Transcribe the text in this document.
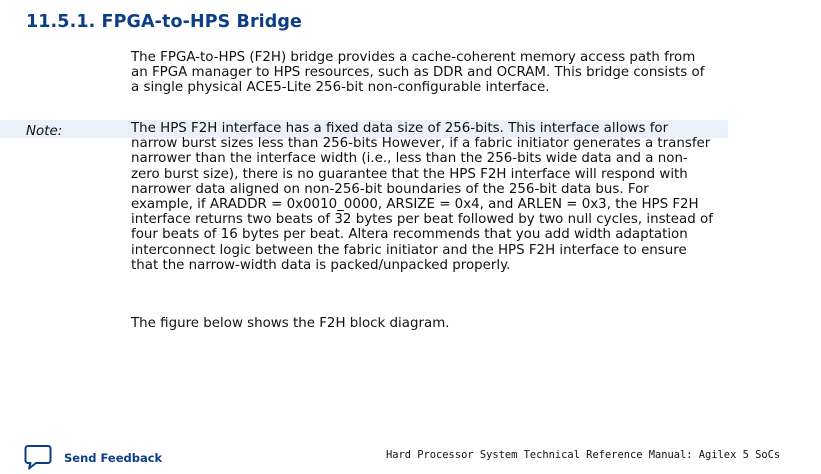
11.5.1. FPGA-to-HPS Bridge
The FPGA-to-HPS (F2H) bridge provides a cache-coherent memory access path from
an FPGA manager to HPS resources, such as DDR and OCRAM. This bridge consists of
a single physical ACE5-Lite 256-bit non-configurable interface.
Note:	The HPS F2H interface has a fixed data size of 256-bits. This interface allows for
narrow burst sizes less than 256-bits However, if a fabric initiator generates a transfer
narrower than the interface width (i.e., less than the 256-bits wide data and a non-
zero burst size), there is no guarantee that the HPS F2H interface will respond with
narrower data aligned on non-256-bit boundaries of the 256-bit data bus. For
example, if ARADDR = 0x0010_0000, ARSIZE = 0x4, and ARLEN = 0x3, the HPS F2H
interface returns two beats of 32 bytes per beat followed by two null cycles, instead of
four beats of 16 bytes per beat. Altera recommends that you add width adaptation
interconnect logic between the fabric initiator and the HPS F2H interface to ensure
that the narrow-width data is packed/unpacked properly.
The figure below shows the F2H block diagram.
Send Feedback	Hard Processor System Technical Reference Manual: Agilex 5 SoCs
